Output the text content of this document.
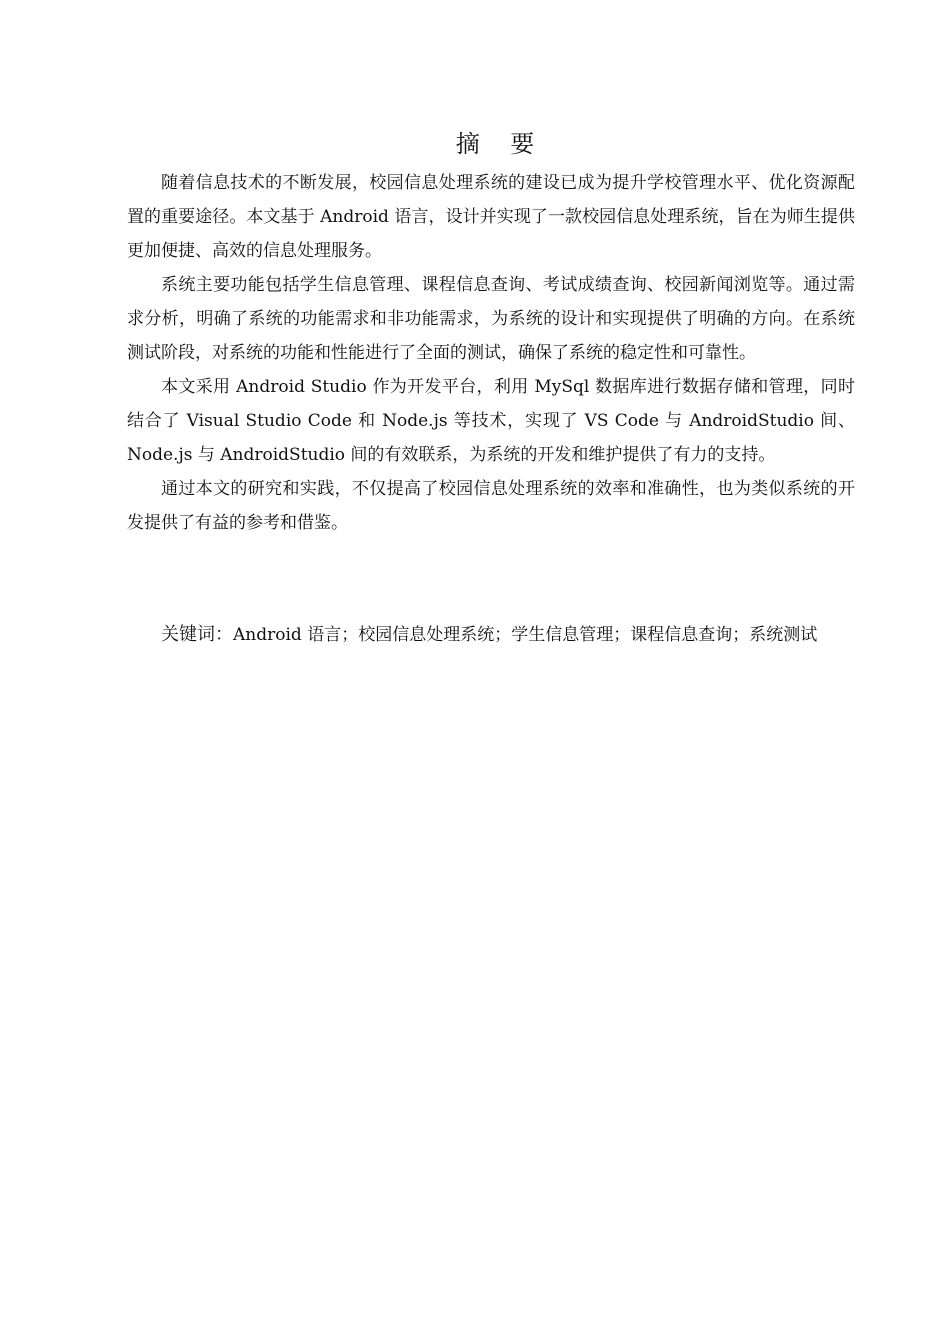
摘    要

随着信息技术的不断发展，校园信息处理系统的建设已成为提升学校管理水平、优化资源配置的重要途径。本文基于 Android 语言，设计并实现了一款校园信息处理系统，旨在为师生提供更加便捷、高效的信息处理服务。

系统主要功能包括学生信息管理、课程信息查询、考试成绩查询、校园新闻浏览等。通过需求分析，明确了系统的功能需求和非功能需求，为系统的设计和实现提供了明确的方向。在系统测试阶段，对系统的功能和性能进行了全面的测试，确保了系统的稳定性和可靠性。

本文采用 Android Studio 作为开发平台，利用 MySql 数据库进行数据存储和管理，同时结合了 Visual Studio Code 和 Node.js 等技术，实现了 VS Code 与 AndroidStudio 间、Node.js 与 AndroidStudio 间的有效联系，为系统的开发和维护提供了有力的支持。

通过本文的研究和实践，不仅提高了校园信息处理系统的效率和准确性，也为类似系统的开发提供了有益的参考和借鉴。

关键词：Android 语言；校园信息处理系统；学生信息管理；课程信息查询；系统测试
